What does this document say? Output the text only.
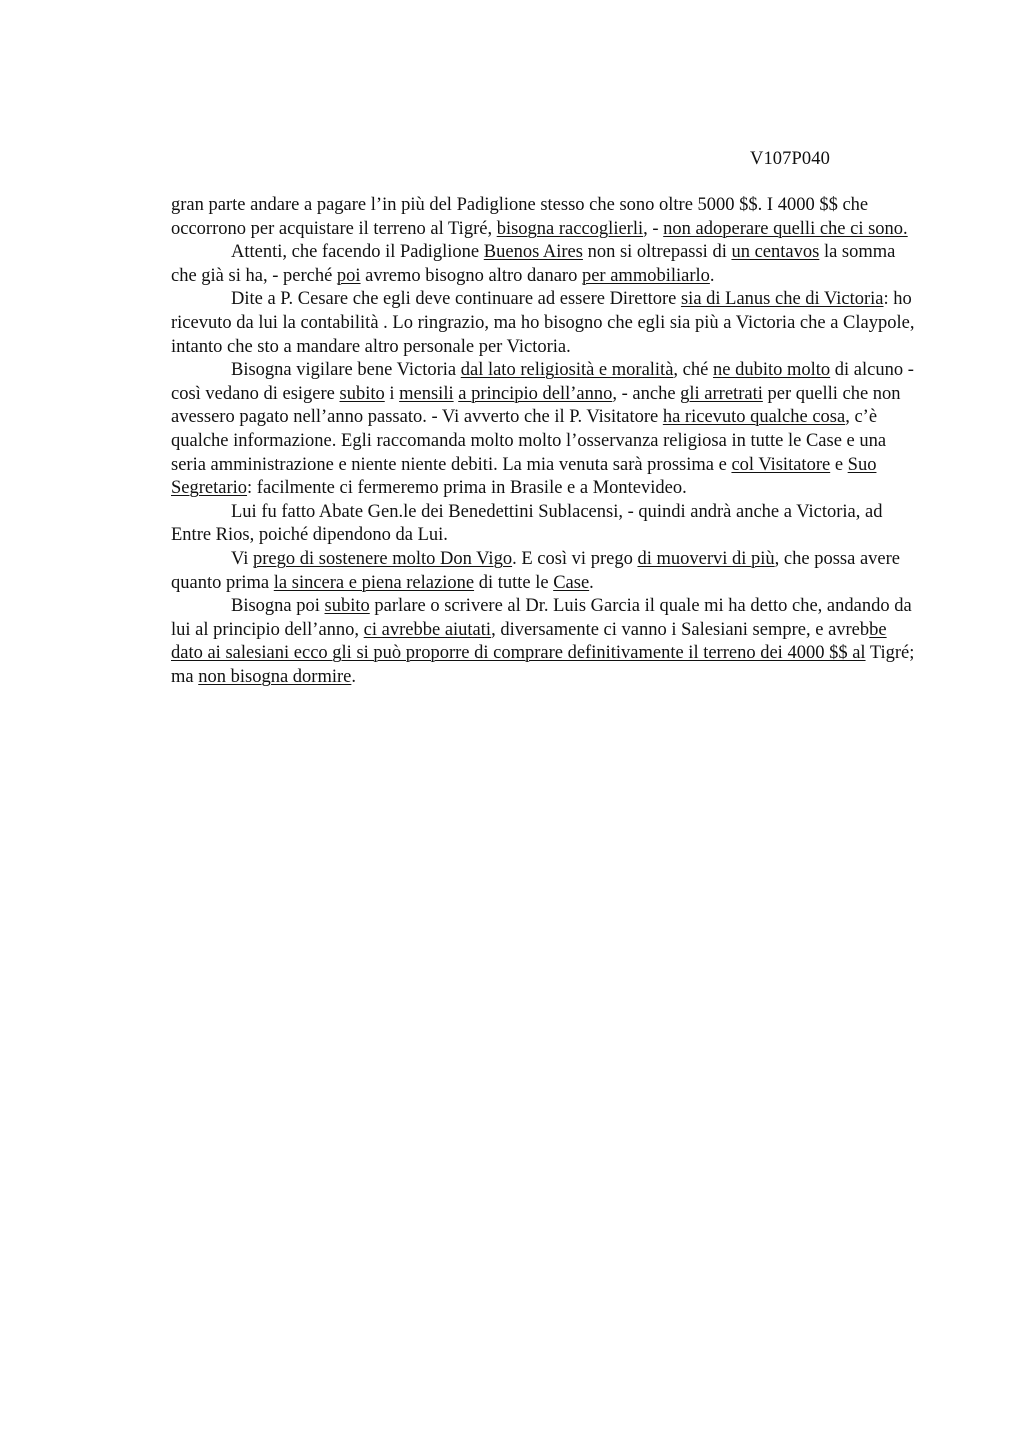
V107P040

gran parte andare a pagare l’in più del Padiglione stesso che sono oltre 5000 $$. I 4000 $$ che occorrono per acquistare il terreno al Tigré, bisogna raccoglierli, - non adoperare quelli che ci sono.

Attenti, che facendo il Padiglione Buenos Aires non si oltrepassi di un centavos la somma che già si ha, - perché poi avremo bisogno altro danaro per ammobiliarlo.

Dite a P. Cesare che egli deve continuare ad essere Direttore sia di Lanus che di Victoria: ho ricevuto da lui la contabilità . Lo ringrazio, ma ho bisogno che egli sia più a Victoria che a Claypole, intanto che sto a mandare altro personale per Victoria.

Bisogna vigilare bene Victoria dal lato religiosità e moralità, ché ne dubito molto di alcuno - così vedano di esigere subito i mensili a principio dell’anno, - anche gli arretrati per quelli che non avessero pagato nell’anno passato. - Vi avverto che il P. Visitatore ha ricevuto qualche cosa, c’è qualche informazione. Egli raccomanda molto molto l’osservanza religiosa in tutte le Case e una seria amministrazione e niente niente debiti. La mia venuta sarà prossima e col Visitatore e Suo Segretario: facilmente ci fermeremo prima in Brasile e a Montevideo.

Lui fu fatto Abate Gen.le dei Benedettini Sublacensi, - quindi andrà anche a Victoria, ad Entre Rios, poiché dipendono da Lui.

Vi prego di sostenere molto Don Vigo. E così vi prego di muovervi di più, che possa avere quanto prima la sincera e piena relazione di tutte le Case.

Bisogna poi subito parlare o scrivere al Dr. Luis Garcia il quale mi ha detto che, andando da lui al principio dell’anno, ci avrebbe aiutati, diversamente ci vanno i Salesiani sempre, e avrebbe dato ai salesiani ecco gli si può proporre di comprare definitivamente il terreno dei 4000 $$ al Tigré; ma non bisogna dormire.
